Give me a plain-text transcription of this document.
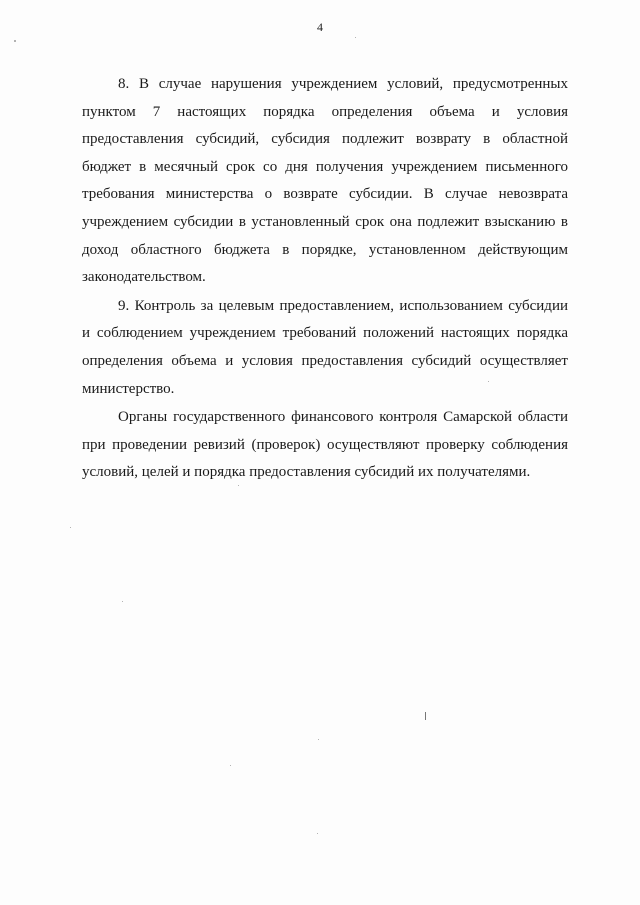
4

8. В случае нарушения учреждением условий, предусмотренных пунктом 7 настоящих порядка определения объема и условия предоставления субсидий, субсидия подлежит возврату в областной бюджет в месячный срок со дня получения учреждением письменного требования министерства о возврате субсидии. В случае невозврата учреждением субсидии в установленный срок она подлежит взысканию в доход областного бюджета в порядке, установленном действующим законодательством.

9. Контроль за целевым предоставлением, использованием субсидии и соблюдением учреждением требований положений настоящих порядка определения объема и условия предоставления субсидий осуществляет министерство.

Органы государственного финансового контроля Самарской области при проведении ревизий (проверок) осуществляют проверку соблюдения условий, целей и порядка предоставления субсидий их получателями.
